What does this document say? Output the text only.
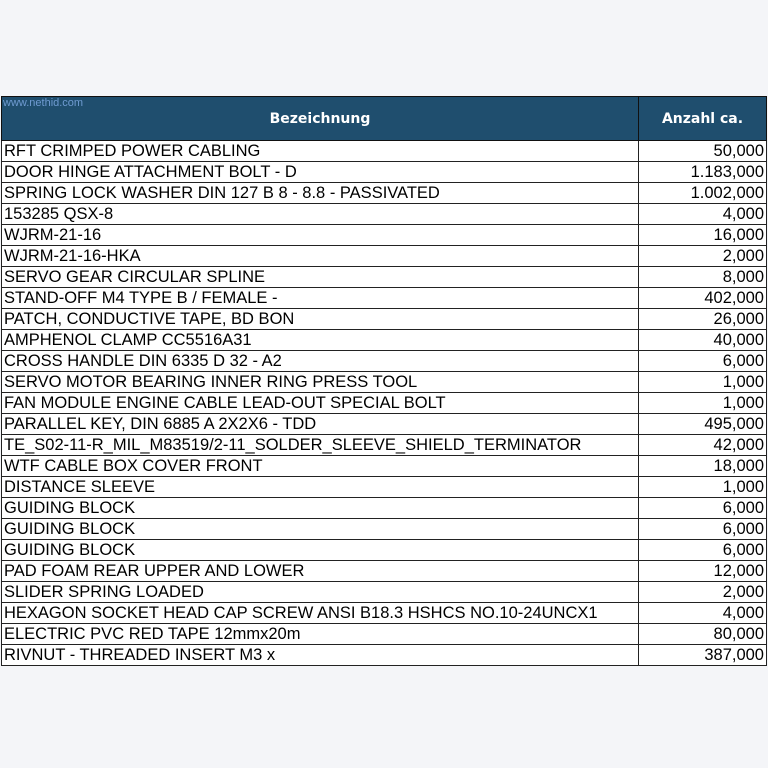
www.nethid.com
Bezeichnung	Anzahl ca.
RFT CRIMPED POWER CABLING	50,000
DOOR HINGE ATTACHMENT BOLT - D	1.183,000
SPRING LOCK WASHER DIN 127 B 8 - 8.8 - PASSIVATED	1.002,000
153285 QSX-8	4,000
WJRM-21-16	16,000
WJRM-21-16-HKA	2,000
SERVO GEAR CIRCULAR SPLINE	8,000
STAND-OFF M4 TYPE B / FEMALE -	402,000
PATCH, CONDUCTIVE TAPE, BD BON	26,000
AMPHENOL CLAMP CC5516A31	40,000
CROSS HANDLE DIN 6335 D 32 - A2	6,000
SERVO MOTOR BEARING INNER RING PRESS TOOL	1,000
FAN MODULE ENGINE CABLE LEAD-OUT SPECIAL BOLT	1,000
PARALLEL KEY, DIN 6885 A 2X2X6 - TDD	495,000
TE_S02-11-R_MIL_M83519/2-11_SOLDER_SLEEVE_SHIELD_TERMINATOR	42,000
WTF CABLE BOX COVER FRONT	18,000
DISTANCE SLEEVE	1,000
GUIDING BLOCK	6,000
GUIDING BLOCK	6,000
GUIDING BLOCK	6,000
PAD FOAM REAR UPPER AND LOWER	12,000
SLIDER SPRING LOADED	2,000
HEXAGON SOCKET HEAD CAP SCREW ANSI B18.3 HSHCS NO.10-24UNCX1	4,000
ELECTRIC PVC RED TAPE 12mmx20m	80,000
RIVNUT - THREADED INSERT M3 x	387,000
